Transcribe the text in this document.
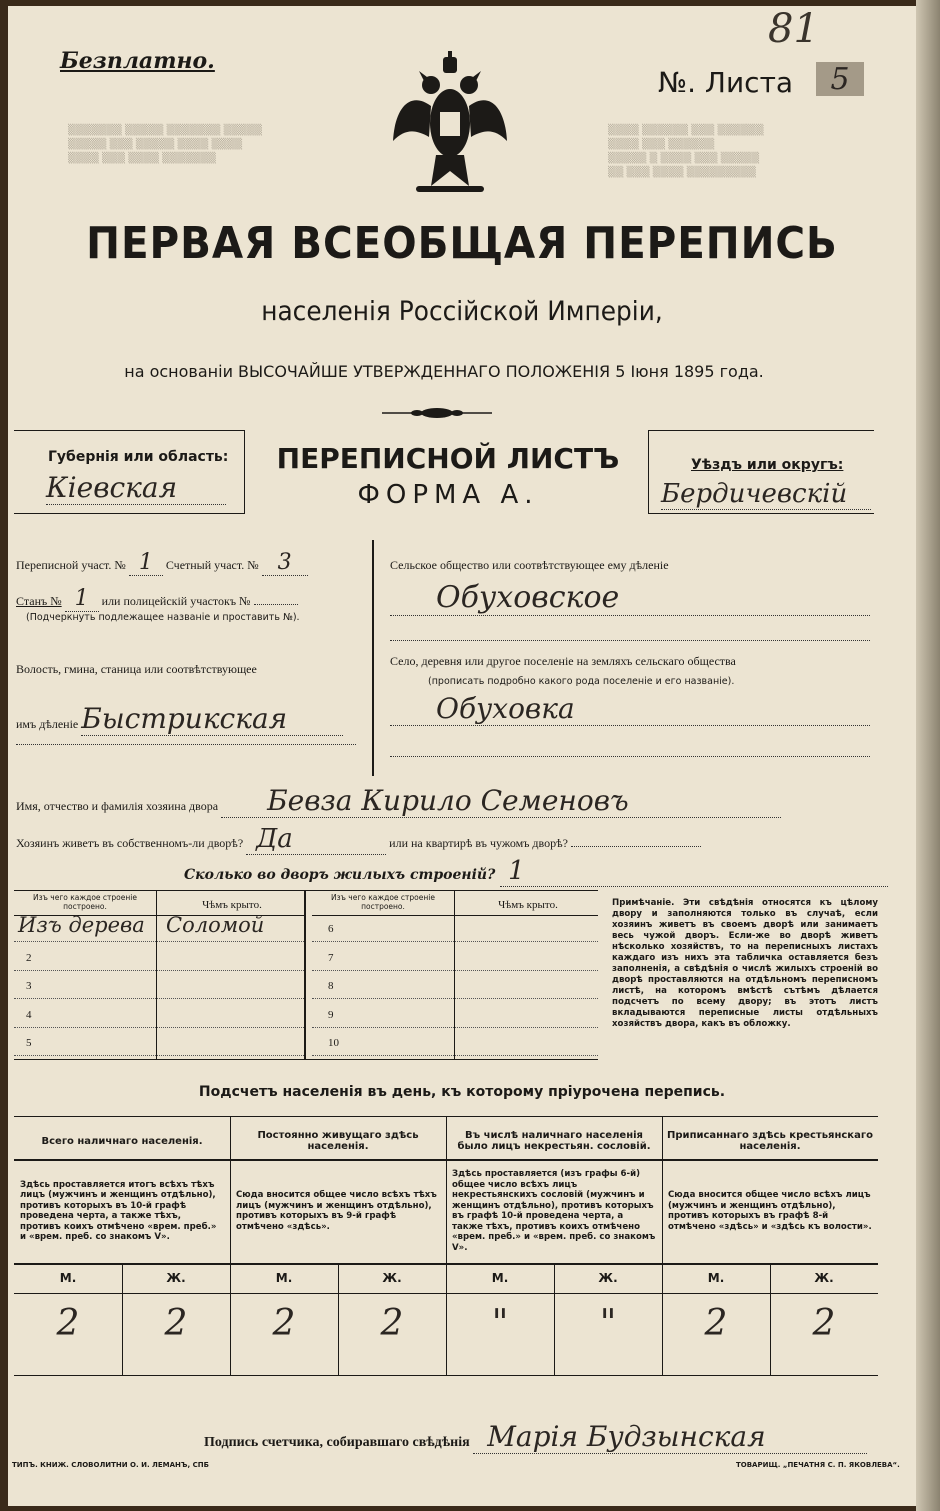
▒▒▒▒ ▒▒▒▒▒▒ ▒▒▒ ▒▒▒▒▒▒
▒▒▒▒ ▒▒▒ ▒▒▒▒▒▒
▒▒▒▒▒ ▒ ▒▒▒▒ ▒▒▒ ▒▒▒▒▒
▒▒ ▒▒▒ ▒▒▒▒ ▒▒▒▒▒▒▒▒▒
▒▒▒▒▒▒▒ ▒▒▒▒▒ ▒▒▒▒▒▒▒ ▒▒▒▒▒
▒▒▒▒▒ ▒▒▒ ▒▒▒▒▒ ▒▒▒▒ ▒▒▒▒
▒▒▒▒ ▒▒▒ ▒▒▒▒ ▒▒▒▒▒▒▒
Безплатно.
№. Листа	5
81
ПЕРВАЯ ВСЕОБЩАЯ ПЕРЕПИСЬ
населенія Россійской Имперіи,
на основаніи ВЫСОЧАЙШЕ УТВЕРЖДЕННАГО ПОЛОЖЕНІЯ 5 Іюня 1895 года.
Губернія или область:
Кіевская
ПЕРЕПИСНОЙ ЛИСТЪ
ФОРМА А.
Уѣздъ или округъ:
Бердичевскій
Переписной участ. № 1 Счетный участ. № 3
Станъ № 1 или полицейскій участокъ №
(Подчеркнуть подлежащее названіе и проставить №).
Волость, гмина, станица или соотвѣтствующее
имъ дѣленіе Быстрикская
Сельское общество или соотвѣтствующее ему дѣленіе
Обуховское
Село, деревня или другое поселеніе на земляхъ сельскаго общества
(прописать подробно какого рода поселеніе и его названіе).
Обуховка
Имя, отчество и фамилія хозяина двора Бевза Кирило Семеновъ
Хозяинъ живетъ въ собственномъ-ли дворѣ? Да	или на квартирѣ въ чужомъ дворѣ?
Сколько во дворъ жилыхъ строеній? 1
Изъ чего каждое строеніе построено.	Чѣмъ крыто.
Изъ дерева Соломой
2
3
4
5
Изъ чего каждое строеніе построено.	Чѣмъ крыто.
6
7
8
9
10
Примѣчаніе. Эти свѣдѣнія относятся къ цѣлому двору и заполняются только въ случаѣ, если хозяинъ живетъ въ своемъ дворѣ или занимаетъ весь чужой дворъ. Если-же во дворѣ живетъ нѣсколько хозяйствъ, то на переписныхъ листахъ каждаго изъ нихъ эта табличка оставляется безъ заполненія, а свѣдѣнія о числѣ жилыхъ строеній во дворѣ проставляются на отдѣльномъ переписномъ листѣ, на которомъ вмѣстѣ сътѣмъ дѣлается подсчетъ по всему двору; въ этотъ листъ вкладываются переписные листы отдѣльныхъ хозяйствъ двора, какъ въ обложку.
Подсчетъ населенія въ день, къ которому пріурочена перепись.
Всего наличнаго населенія.
Здѣсь проставляется итогъ всѣхъ тѣхъ лицъ (мужчинъ и женщинъ отдѣльно), противъ которыхъ въ 10-й графѣ проведена черта, а также тѣхъ, противъ коихъ отмѣчено «врем. преб.» и «врем. преб. со знакомъ V».
М.	Ж.
2	2
Постоянно живущаго здѣсь населенія.
Сюда вносится общее число всѣхъ тѣхъ лицъ (мужчинъ и женщинъ отдѣльно), противъ которыхъ въ 9-й графѣ отмѣчено «здѣсь».
М.	Ж.
2	2
Въ числѣ наличнаго населенія было лицъ некрестьян. сословій.
Здѣсь проставляется (изъ графы 6-й) общее число всѣхъ лицъ некрестьянскихъ сословій (мужчинъ и женщинъ отдѣльно), противъ которыхъ въ графѣ 10-й проведена черта, а также тѣхъ, противъ коихъ отмѣчено «врем. преб.» и «врем. преб. со знакомъ V».
М.	Ж.
"	"
Приписаннаго здѣсь крестьянскаго населенія.
Сюда вносится общее число всѣхъ лицъ (мужчинъ и женщинъ отдѣльно), противъ которыхъ въ графѣ 8-й отмѣчено «здѣсь» и «здѣсь къ волости».
М.	Ж.
2	2
Подпись счетчика, собиравшаго свѣдѣнія Марія Будзынская
ТИПЪ. КНИЖ. СЛОВОЛИТНИ О. И. ЛЕМАНЪ, СПБ	ТОВАРИЩ. „ПЕЧАТНЯ С. П. ЯКОВЛЕВА“.
